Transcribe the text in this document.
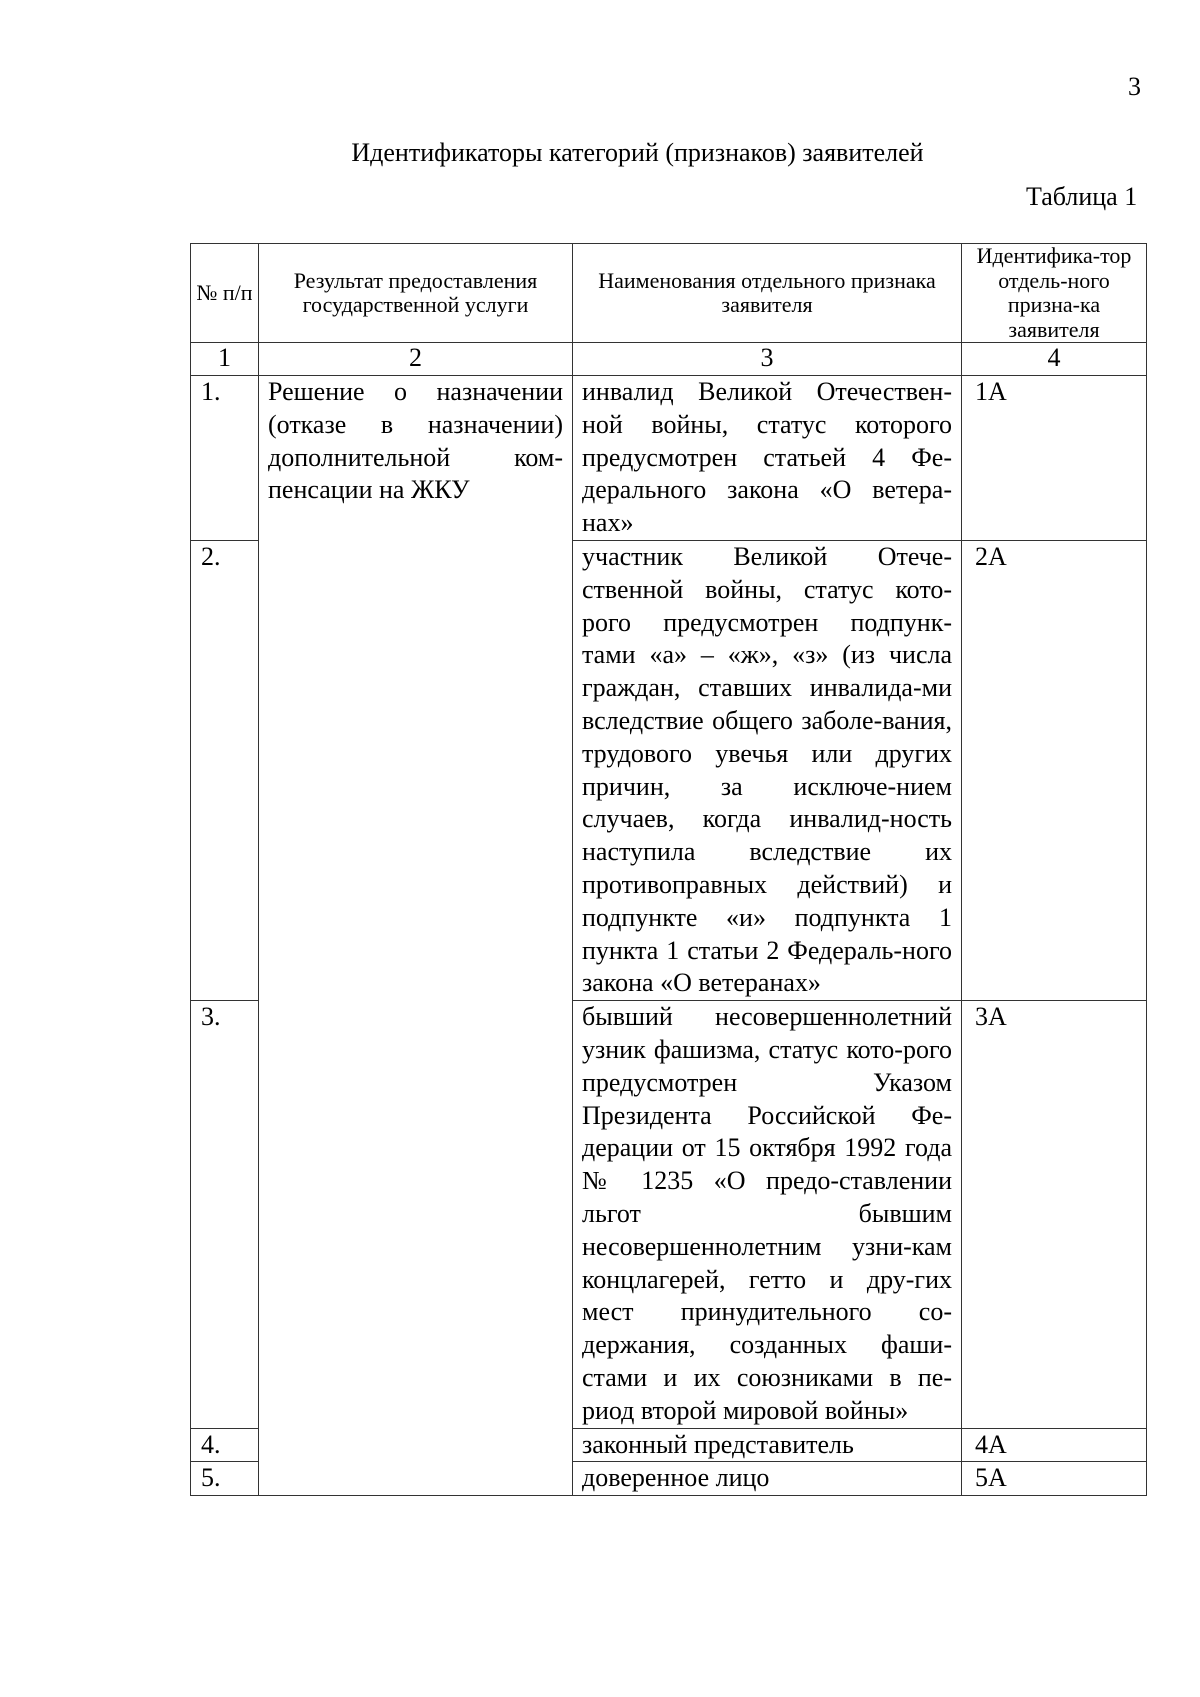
3
Идентификаторы категорий (признаков) заявителей
Таблица 1
№ п/п	Результат предоставления государственной услуги	Наименования отдельного признака заявителя	Идентифика-тор отдель-ного призна-ка заявителя
1	2	3	4
1.	Решение о назначении (отказе в назначении) дополнительной ком-пенсации на ЖКУ	инвалид Великой Отечествен-ной войны, статус которого предусмотрен статьей 4 Фе-дерального закона «О ветера-нах»	1А
2.		участник Великой Отече-ственной войны, статус кото-рого предусмотрен подпунк-тами «а» – «ж», «з» (из числа граждан, ставших инвалида-ми вследствие общего заболе-вания, трудового увечья или других причин, за исключе-нием случаев, когда инвалид-ность наступила вследствие их противоправных действий) и подпункте «и» подпункта 1 пункта 1 статьи 2 Федераль-ного закона «О ветеранах»	2А
3.		бывший несовершеннолетний узник фашизма, статус кото-рого предусмотрен Указом Президента Российской Фе-дерации от 15 октября 1992 года № 1235 «О предо-ставлении льгот бывшим несовершеннолетним узни-кам концлагерей, гетто и дру-гих мест принудительного со-держания, созданных фаши-стами и их союзниками в пе-риод второй мировой войны»	3А
4.		законный представитель	4А
5.		доверенное лицо	5А
